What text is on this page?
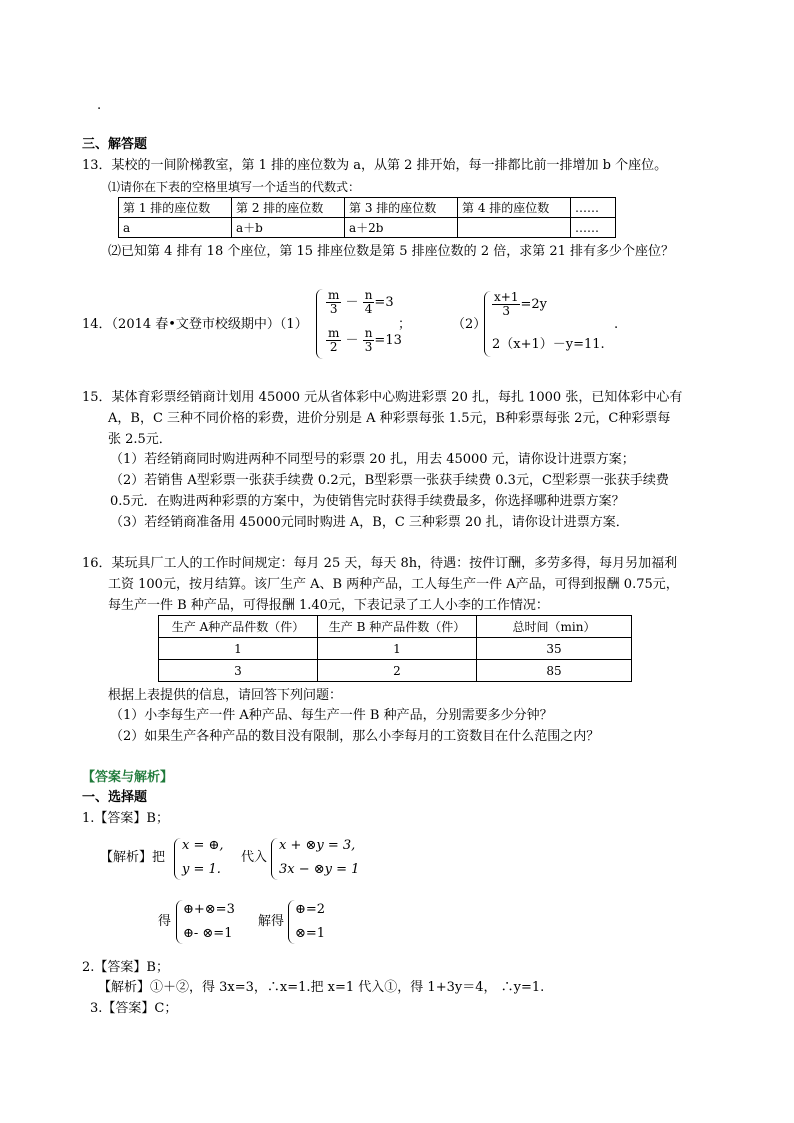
.
三、解答题
13．某校的一间阶梯教室，第 1 排的座位数为 a，从第 2 排开始，每一排都比前一排增加 b 个座位。
⑴请你在下表的空格里填写一个适当的代数式：
第 1 排的座位数	第 2 排的座位数	第 3 排的座位数	第 4 排的座位数	……
a	a＋b	a＋2b		……
⑵已知第 4 排有 18 个座位，第 15 排座位数是第 5 排座位数的 2 倍，求第 21 排有多少个座位？
14．（2014 春•文登市校级期中）（1）
$\frac{m}{3} - \frac{n}{4} =3$
$\frac{m}{2} - \frac{n}{3} =13$
；	（2）
$\frac{x+1}{3} =2y$
2（x+1）－y=11.
.
15．某体育彩票经销商计划用 45000 元从省体彩中心购进彩票 20 扎，每扎 1000 张，已知体彩中心有
A，B，C 三种不同价格的彩费，进价分别是 A 种彩票每张 1.5元，B种彩票每张 2元，C种彩票每
张 2.5元．
（1）若经销商同时购进两种不同型号的彩票 20 扎，用去 45000 元，请你设计进票方案；
（2）若销售 A型彩票一张获手续费 0.2元，B型彩票一张获手续费 0.3元，C型彩票一张获手续费
0.5元．在购进两种彩票的方案中，为使销售完时获得手续费最多，你选择哪种进票方案？
（3）若经销商准备用 45000元同时购进 A，B，C 三种彩票 20 扎，请你设计进票方案．
16．某玩具厂工人的工作时间规定：每月 25 天，每天 8h，待遇：按件订酬，多劳多得，每月另加福利
工资 100元，按月结算。该厂生产 A、B 两种产品，工人每生产一件 A产品，可得到报酬 0.75元，
每生产一件 B 种产品，可得报酬 1.40元，下表记录了工人小李的工作情况：
生产 A种产品件数（件）	生产 B 种产品件数（件）	总时间（min）
1	1	35
3	2	85
根据上表提供的信息，请回答下列问题：
（1）小李每生产一件 A种产品、每生产一件 B 种产品，分别需要多少分钟？
（2）如果生产各种产品的数目没有限制，那么小李每月的工资数目在什么范围之内？
【答案与解析】
一、选择题
1.【答案】B；
【解析】把
x = ⊕,
y = 1.
代入
x + ⊗y = 3,
3x − ⊗y = 1
得
⊕+⊗=3
⊕- ⊗=1
解得
⊕=2
⊗=1
2.【答案】B；
【解析】①＋②，得 3x=3，∴x=1.把 x=1 代入①，得 1+3y＝4， ∴y=1.
3.【答案】C；
